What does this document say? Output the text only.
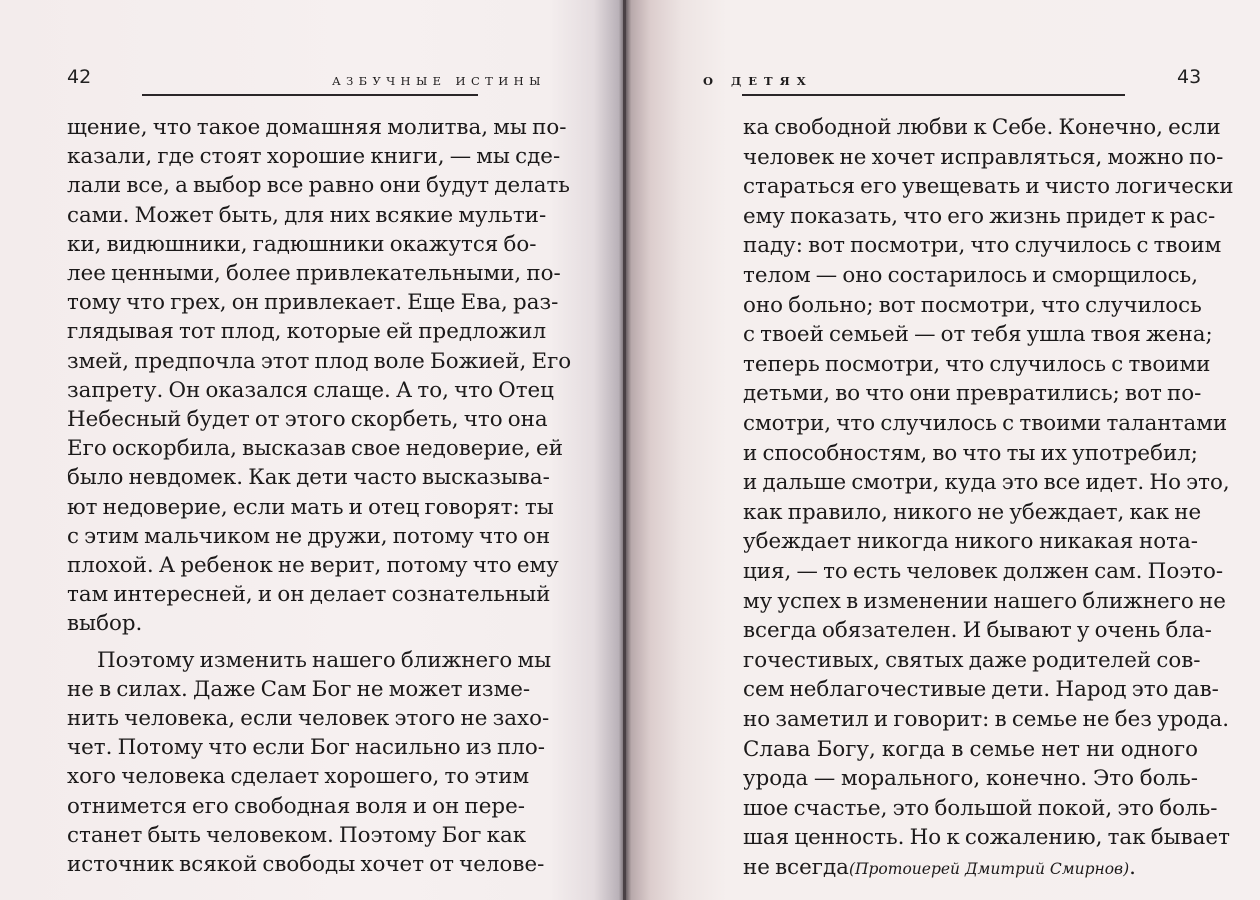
42	АЗБУЧНЫЕ ИСТИНЫ	О ДЕТЯХ	43
щение, что такое домашняя молитва, мы по-
казали, где стоят хорошие книги, — мы сде-
лали все, а выбор все равно они будут делать
сами. Может быть, для них всякие мульти-
ки, видюшники, гадюшники окажутся бо-
лее ценными, более привлекательными, по-
тому что грех, он привлекает. Еще Ева, раз-
глядывая тот плод, которые ей предложил
змей, предпочла этот плод воле Божией, Его
запрету. Он оказался слаще. А то, что Отец
Небесный будет от этого скорбеть, что она
Его оскорбила, высказав свое недоверие, ей
было невдомек. Как дети часто высказыва-
ют недоверие, если мать и отец говорят: ты
с этим мальчиком не дружи, потому что он
плохой. А ребенок не верит, потому что ему
там интересней, и он делает сознательный
выбор.
Поэтому изменить нашего ближнего мы
не в силах. Даже Сам Бог не может изме-
нить человека, если человек этого не захо-
чет. Потому что если Бог насильно из пло-
хого человека сделает хорошего, то этим
отнимется его свободная воля и он пере-
станет быть человеком. Поэтому Бог как
источник всякой свободы хочет от челове-
ка свободной любви к Себе. Конечно, если
человек не хочет исправляться, можно по-
стараться его увещевать и чисто логически
ему показать, что его жизнь придет к рас-
паду: вот посмотри, что случилось с твоим
телом — оно состарилось и сморщилось,
оно больно; вот посмотри, что случилось
с твоей семьей — от тебя ушла твоя жена;
теперь посмотри, что случилось с твоими
детьми, во что они превратились; вот по-
смотри, что случилось с твоими талантами
и способностям, во что ты их употребил;
и дальше смотри, куда это все идет. Но это,
как правило, никого не убеждает, как не
убеждает никогда никого никакая нота-
ция, — то есть человек должен сам. Поэто-
му успех в изменении нашего ближнего не
всегда обязателен. И бывают у очень бла-
гочестивых, святых даже родителей сов-
сем неблагочестивые дети. Народ это дав-
но заметил и говорит: в семье не без урода.
Слава Богу, когда в семье нет ни одного
урода — морального, конечно. Это боль-
шое счастье, это большой покой, это боль-
шая ценность. Но к сожалению, так бывает
не всегда(Протоиерей Дмитрий Смирнов).
